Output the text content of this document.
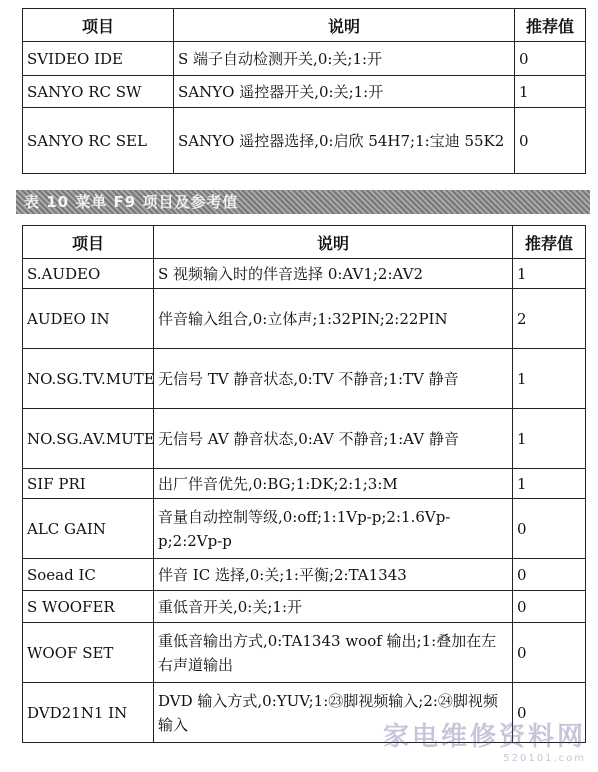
项目	说明	推荐值
SVIDEO IDE	S 端子自动检测开关,0:关;1:开	0
SANYO RC SW	SANYO 遥控器开关,0:关;1:开	1
SANYO RC SEL	SANYO 遥控器选择,0:启欣 54H7;1:宝迪 55K2	0
表 10 菜单 F9 项目及参考值
项目	说明	推荐值
S.AUDEO	S 视频输入时的伴音选择 0:AV1;2:AV2	1
AUDEO IN	伴音输入组合,0:立体声;1:32PIN;2:22PIN	2
NO.SG.TV.MUTE	无信号 TV 静音状态,0:TV 不静音;1:TV 静音	1
NO.SG.AV.MUTE	无信号 AV 静音状态,0:AV 不静音;1:AV 静音	1
SIF PRI	出厂伴音优先,0:BG;1:DK;2:1;3:M	1
ALC GAIN	音量自动控制等级,0:off;1:1Vp-p;2:1.6Vp-p;2:2Vp-p	0
Soead IC	伴音 IC 选择,0:关;1:平衡;2:TA1343	0
S WOOFER	重低音开关,0:关;1:开	0
WOOF SET	重低音输出方式,0:TA1343 woof 输出;1:叠加在左右声道输出	0
DVD21N1 IN	DVD 输入方式,0:YUV;1:㉓脚视频输入;2:㉔脚视频输入	0
家电维修资料网
520101.com
